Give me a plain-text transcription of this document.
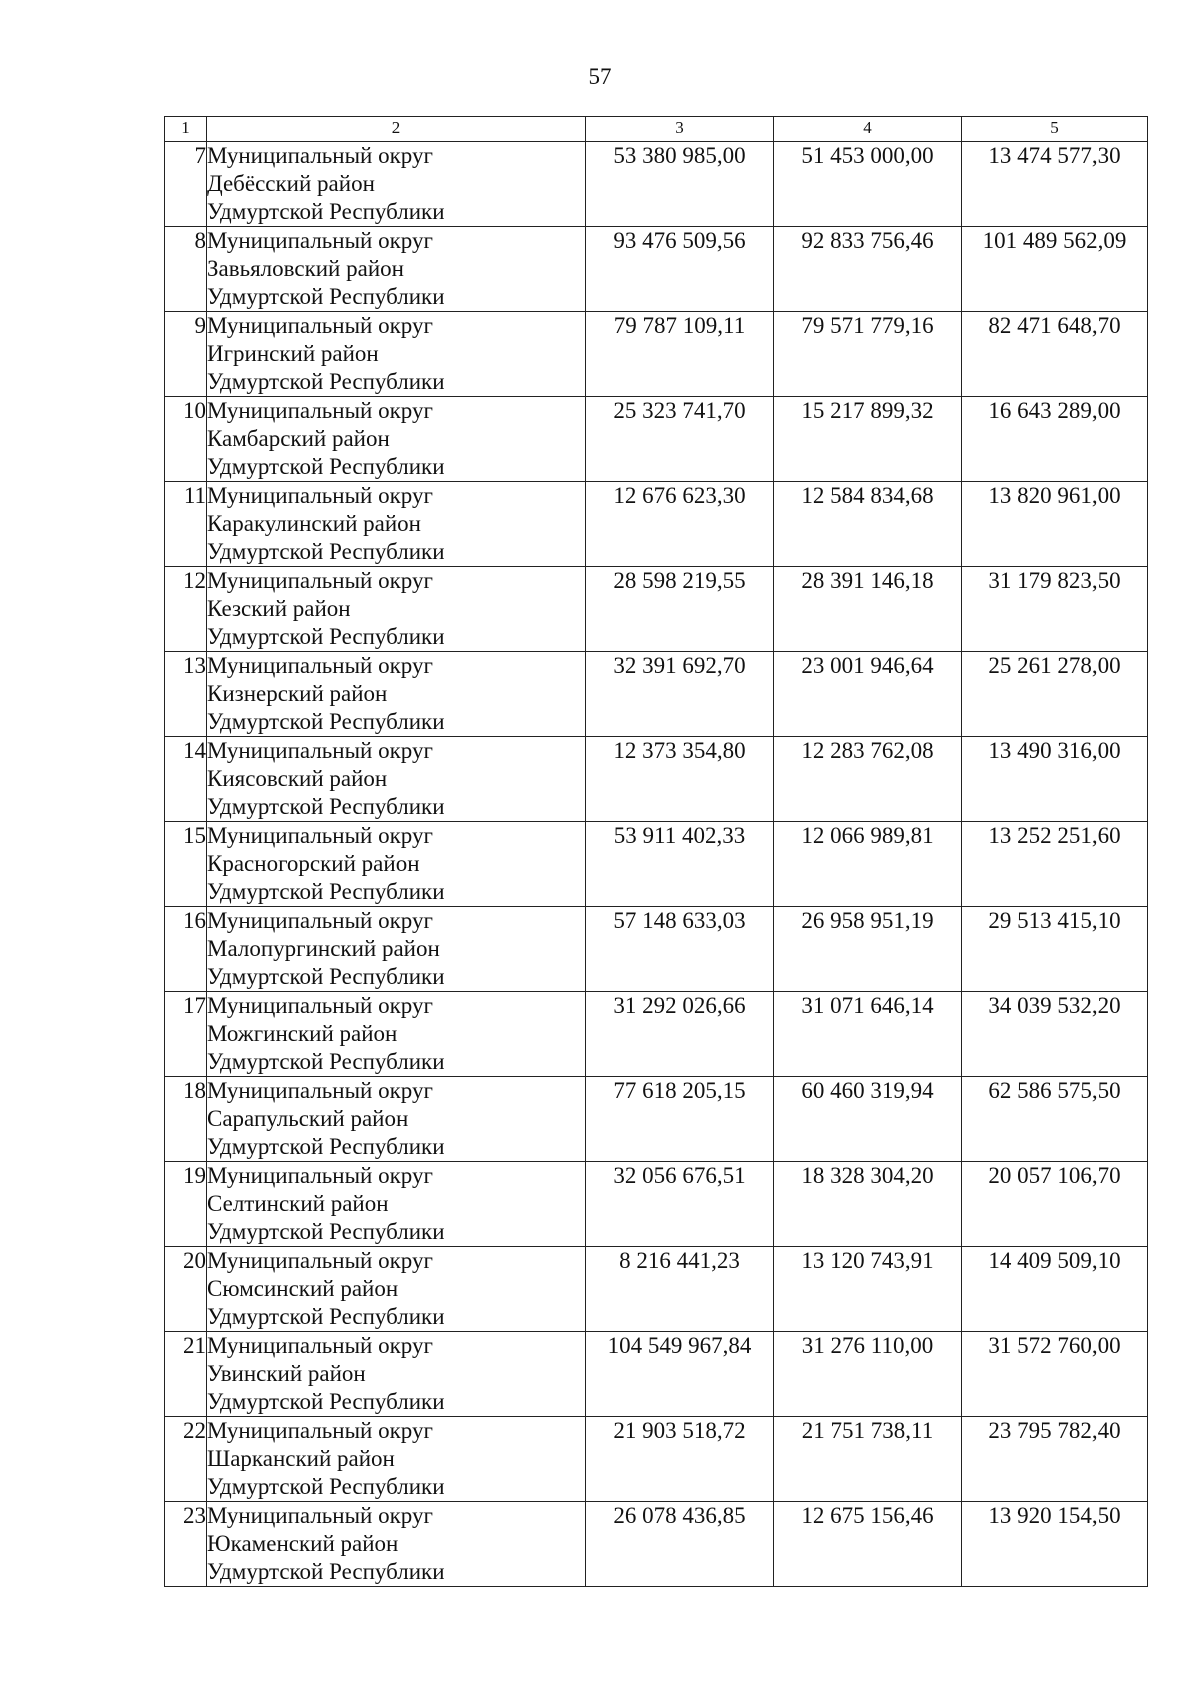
57
1	2	3	4	5
7	Муниципальный округ
Дебёсский район
Удмуртской Республики	53 380 985,00	51 453 000,00	13 474 577,30
8	Муниципальный округ
Завьяловский район
Удмуртской Республики	93 476 509,56	92 833 756,46	101 489 562,09
9	Муниципальный округ
Игринский район
Удмуртской Республики	79 787 109,11	79 571 779,16	82 471 648,70
10	Муниципальный округ
Камбарский район
Удмуртской Республики	25 323 741,70	15 217 899,32	16 643 289,00
11	Муниципальный округ
Каракулинский район
Удмуртской Республики	12 676 623,30	12 584 834,68	13 820 961,00
12	Муниципальный округ
Кезский район
Удмуртской Республики	28 598 219,55	28 391 146,18	31 179 823,50
13	Муниципальный округ
Кизнерский район
Удмуртской Республики	32 391 692,70	23 001 946,64	25 261 278,00
14	Муниципальный округ
Киясовский район
Удмуртской Республики	12 373 354,80	12 283 762,08	13 490 316,00
15	Муниципальный округ
Красногорский район
Удмуртской Республики	53 911 402,33	12 066 989,81	13 252 251,60
16	Муниципальный округ
Малопургинский район
Удмуртской Республики	57 148 633,03	26 958 951,19	29 513 415,10
17	Муниципальный округ
Можгинский район
Удмуртской Республики	31 292 026,66	31 071 646,14	34 039 532,20
18	Муниципальный округ
Сарапульский район
Удмуртской Республики	77 618 205,15	60 460 319,94	62 586 575,50
19	Муниципальный округ
Селтинский район
Удмуртской Республики	32 056 676,51	18 328 304,20	20 057 106,70
20	Муниципальный округ
Сюмсинский район
Удмуртской Республики	8 216 441,23	13 120 743,91	14 409 509,10
21	Муниципальный округ
Увинский район
Удмуртской Республики	104 549 967,84	31 276 110,00	31 572 760,00
22	Муниципальный округ
Шарканский район
Удмуртской Республики	21 903 518,72	21 751 738,11	23 795 782,40
23	Муниципальный округ
Юкаменский район
Удмуртской Республики	26 078 436,85	12 675 156,46	13 920 154,50
